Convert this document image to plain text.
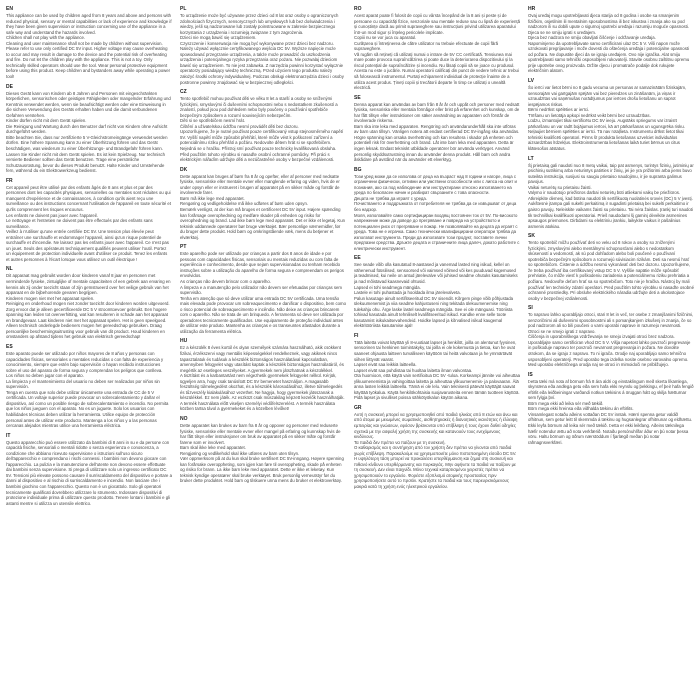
EN

This appliance can be used by children aged from 8 years and above and persons with reduced physical, sensory or mental capabilities or lack of experience and knowledge if they have been given supervision or instruction concerning use of the appliance in a safe way and understand the hazards involved.

Children shall not play with the appliance.

Cleaning and user maintenance shall not be made by children without supervision.

Please refer to use only certified DC 5V input. Higher voltage may cause overheating to occur and may result in damage to the device and the potential risk of overheating and fire. Do not let the children play with the appliance. This is not a toy. Only technically skilled operators should use the tool. Wear personal protective equipment before using this product. Keep children and bystanders away while operating a power tool!

DE

Dieses Gerät kann von Kindern ab 8 Jahren und Personen mit eingeschränkten körperlichen, sensorischen oder geistigen Fähigkeiten oder mangelnder Erfahrung und Kenntnis verwendet werden, wenn sie beaufsichtigt werden oder eine Einweisung in die sichere Verwendung des Geräts erhalten haben und die damit verbundenen Gefahren verstehen.

Kinder dürfen nicht mit dem Gerät spielen.

Die Reinigung und Wartung durch den Benutzer darf nicht von Kindern ohne Aufsicht durchgeführt werden.

Bitte beachten Sie, dass nur zertifizierte 5 V-Gleichstromeingänge verwendet werden dürfen. Eine höhere Spannung kann zu einer Überhitzung führen und das Gerät beschädigen, was wiederum zu einer Überhitzungs- und Brandgefahr führen kann. Lassen Sie Kinder nicht mit dem Gerät spielen. Es ist kein Spielzeug. Nur technisch versierte Bediener sollten das Gerät benutzen. Trage eine persönliche Schutzausrüstung, bevor du dieses Produkt benutzt. Halte Kinder und Umstehende fern, während du ein Elektrowerkzeug bedienst.

FR

Cet appareil peut être utilisé par des enfants âgés de 8 ans et plus et par des personnes dont les capacités physiques, sensorielles ou mentales sont réduites ou qui manquent d'expérience et de connaissances, à condition qu'ils aient reçu une surveillance ou des instructions concernant l'utilisation de l'appareil en toute sécurité et qu'ils comprennent les risques encourus.

Les enfants ne doivent pas jouer avec l'appareil.

Le nettoyage et l'entretien ne doivent pas être effectués par des enfants sans surveillance.

Veillez à n'utiliser qu'une entrée certifiée DC 5V. Une tension plus élevée peut entraîner une surchauffe et endommager l'appareil, ainsi qu'un risque potentiel de surchauffe et d'incendie. Ne laissez pas les enfants jouer avec l'appareil. Ce n'est pas un jouet. Seuls des opérateurs techniquement qualifiés peuvent utiliser l'outil. Portez un équipement de protection individuelle avant d'utiliser ce produit. Tenez les enfants et autres personnes à l'écart lorsque vous utilisez un outil électrique !

NL

Dit apparaat mag gebruikt worden door kinderen vanaf 8 jaar en personen met verminderde fysieke, zintuiglijke of mentale capaciteiten of een gebrek aan ervaring en kennis als zij onder toezicht staan of zijn geïnstrueerd over het veilige gebruik van het apparaat en de bijbehorende gevaren begrijpen.

Kinderen mogen niet met het apparaat spelen.

Reiniging en onderhoud mogen niet zonder toezicht door kinderen worden uitgevoerd.

Zorg ervoor dat je alleen gecertificeerde DC 5 V stroomtoevoer gebruikt. Een hogere spanning kan leiden tot oververhitting, wat kan resulteren in schade aan het apparaat en brandgevaar. Laat kinderen niet met het apparaat spelen. Het is geen speelgoed. Alleen technisch onderlegde bedieners mogen het gereedschap gebruiken. Draag persoonlijke beschermingsuitrusting voor gebruik van dit product. Houd kinderen en omstanders op afstand tijdens het gebruik van elektrisch gereedschap!

ES

Este aparato puede ser utilizado por niños mayores de 8 años y personas con capacidades físicas, sensoriales o mentales reducidas o con falta de experiencia y conocimiento, siempre que estén bajo supervisión o hayan recibido instrucciones sobre el uso del aparato de forma segura y comprendan los peligros que conlleva.

Los niños no deben jugar con el aparato.

La limpieza y el mantenimiento del usuario no deben ser realizados por niños sin supervisión.

Tenga en cuenta que solo debe utilizar únicamente una entrada de CC de 5 V certificada. Un voltaje superior puede provocar un sobrecalentamiento y dañar el dispositivo, así como un posible riesgo de sobrecalentamiento e incendio. No permita que los niños jueguen con el aparato. No es un juguete. Solo los usuarios con habilidades técnicas deben utilizar la herramienta. Utilice equipo de protección personal antes de utilizar este producto. Mantenga a los niños y a las personas cercanas alejados mientras utilice una herramienta eléctrica.

IT

Questo apparecchio può essere utilizzato da bambini di 8 anni in su e da persone con capacità fisiche, sensoriali o mentali ridotte o senza esperienza e conoscenza, a condizione che abbiano ricevuto supervisione o istruzioni sull'uso sicuro dell'apparecchio e comprendano i rischi connessi. I bambini non devono giocare con l'apparecchio. La pulizia e la manutenzione dell'utente non devono essere effettuate dai bambini senza supervisione. Si prega di utilizzare solo un ingresso certificato DC 5V. Tensioni più elevate possono causare il surriscaldamento del dispositivo e portare a danni al dispositivo e al rischio di surriscaldamento e incendio. Non lasciare che i bambini giochino con l'apparecchio. Questo non è un giocattolo. Solo gli operatori tecnicamente qualificati dovrebbero utilizzare lo strumento. Indossare dispositivi di protezione individuale prima di utilizzare questo prodotto. Tenere lontani i bambini e gli astanti mentre si utilizza un utensile elettrico.

PL

To urządzenie może być używane przez dzieci od 8 lat oraz osoby o ograniczonych zdolnościach fizycznych, sensorycznych lub umysłowych lub bez doświadczenia i wiedzy, jeśli są nadzorowane lub zostały poinstruowane w zakresie bezpiecznego korzystania z urządzenia i rozumieją związane z tym zagrożenia.

Dzieci nie mogą bawić się urządzeniem.

Czyszczenie i konserwacja nie mogą być wykonywane przez dzieci bez nadzoru.

Należy używać wyłącznie certyfikowanego wejścia DC 5V. Wyższe napięcie może spowodować przegrzanie urządzenia, a także może prowadzić do uszkodzenia urządzenia i potencjalnego ryzyka przegrzania oraz pożaru. Nie pozwalaj dzieciom bawić się urządzeniem. To nie jest zabawka. Z narzędzia powinni korzystać wyłącznie operatorzy posiadający wiedzę techniczną. Przed użyciem tego produktu należy założyć środki ochrony indywidualnej. Podczas obsługi elektronarzędzia dzieci i osoby postronne powinny znajdować się w bezpiecznej odległości.

CZ

Tento spotřebič mohou používat děti ve věku 8 let a starší a osoby se sníženými fyzickými, smyslovými či duševními schopnostmi nebo s nedostatkem zkušeností a znalostí, pokud jsou pod dohledem nebo byly poučeny o používání spotřebiče bezpečným způsobem a rozumí souvisejícím nebezpečím.

Děti si se spotřebičem nesmí hrát.

Čištění a uživatelskou údržbu nesmí provádět děti bez dozoru.

Upozorňujeme, že je nutné používat pouze certifikovaný vstup stejnosměrného napětí 5V. Vyšší napětí může způsobit přehřátí, které může vést k poškození zařízení a potenciálnímu riziku přehřátí a požáru. Nedovolte dětem hrát si se spotřebičem. Nejedná se o hračku. Přístroj smí používat pouze technicky kvalifikovaná obsluha. Před použitím tohoto výrobku si nasaďte osobní ochranné pomůcky. Při práci s elektrickým nářadím udržujte děti a nezúčastněné osoby v bezpečné vzdálenosti.

DK

Dette apparat kan bruges af børn fra 8 år og opefter, eller af personer med nedsatte fysiske, sensoriske eller mentale evner eller manglende erfaring og viden, hvis de er under opsyn eller er instrueret i brugen af apparatet på en sikker måde og forstår de involverede farer.

Børn må ikke lege med apparatet.

Rengøring og vedligeholdelse må ikke udføres af børn uden opsyn.

Bemærk venligst, at der kun må bruges et certificeret DC 5V input. Højere spænding kan forårsage overophedning og medføre skader på enheden og risiko for overophedning og brand. Lad ikke børn lege med apparatet. Det er ikke et legetøj. Kun teknisk uddannede operatører bør bruge værktøjet. Bær personlige værnemidler, før du bruger dette produkt. Hold børn og omkringstående væk, mens du betjener et elværktøj.

PT

Este aparelho pode ser utilizado por crianças a partir dos 8 anos de idade e por pessoas com capacidades físicas, sensoriais ou mentais reduzidas ou com falta de experiência e conhecimento, desde que sejam supervisionadas ou tenham recebido instruções sobre a utilização do aparelho de forma segura e compreendam os perigos envolvidos.

As crianças não devem brincar com o aparelho.

A limpeza e a manutenção pelo utilizador não devem ser efetuadas por crianças sem supervisão.

Tenha em atenção que só deve utilizar uma entrada DC 5V certificada. Uma tensão mais elevada pode provocar um sobreaquecimento e danificar o dispositivo, bem como o risco potencial de sobreaquecimento e incêndio. Não deixe as crianças brincarem com o aparelho. Não se trata de um brinquedo. A ferramenta só deve ser utilizada por operadores tecnicamente qualificados. Use equipamento de proteção individual antes de utilizar este produto. Mantenha as crianças e os transeuntes afastados durante a utilização da ferramenta elétrica.

HU

Ez a készülék 8 éves kortól és olyan személyek számára használható, akik csökkent fizikai, érzékszervi vagy mentális képességekkel rendelkeznek, vagy akiknek nincs tapasztalatuk és tudásuk a készülék biztonságos használatával kapcsolatban, amennyiben felügyelet vagy utasítást kaptak a készülék biztonságos használatáról, és megértik az esetleges veszélyeket. A gyermekek nem játszhatnak a készülékkel.

A tisztítást és a karbantartást nem végezhetik gyermekek felügyelet nélkül. Kérjük, ügyeljen arra, hogy csak tanúsított DC 5V bemenetet használjon. A magasabb feszültség túlmelegedést okozhat, és a készülék károsodásához, illetve túlmelegedés és tűzveszély kialakulásához vezethet. Ne hagyja, hogy gyermekek játsszanak a készülékkel. Ez nem játék. Az eszközt csak műszakilag képzett kezelők használhatják. A termék használata előtt viseljen személyi védőfelszerelést. A termék használata közben tartsa távol a gyermekeket és a közelben lévőket!

NO

Dette apparatet kan brukes av barn fra 8 år og oppover og personer med reduserte fysiske, sensoriske eller mentale evner eller mangel på erfaring og kunnskap hvis de har fått tilsyn eller instruksjoner om bruk av apparatet på en sikker måte og forstår farene som er involvert.

Barn skal ikke leke med apparatet.

Rengjøring og vedlikehold skal ikke utføres av barn uten tilsyn.

Vær oppmerksom på at du kun skal bruke sertifisert DC 5V-inngang. Høyere spenning kan forårsake overoppheting, som igjen kan føre til overoppheting, skade på enheten og risiko for brann. La ikke barn leke med apparatet. Dette er ikke et leketøy. Kun teknisk kyndige operatører skal bruke verktøyet. Bruk personlig verneutstyr før du bruker dette produktet. Hold barn og tilskuere unna mens du bruker et elektroverktøy.

RO

Acest aparat poate fi folosit de copii cu vârsta începând de la 8 ani și peste și de persoane cu capacități fizice, senzoriale sau mentale reduse sau cu lipsă de experiență și cunoștințe dacă au primit supraveghere sau instrucțiuni privind utilizarea aparatului într-un mod sigur și înțeleg pericolele implicate.

Copiii nu se vor juca cu aparatul.

Curățarea și întreținerea de către utilizator nu trebuie efectuate de copii fără supraveghere.

Vă rugăm să rețineți că utilizați numai o intrare de 5V CC certificată. Tensiunea mai mare poate provoca supraîncălzirea și poate duce la deteriorarea dispozitivului și la riscul potențial de supraîncălzire și incendiu. Nu lăsați copiii să se joace cu produsul. Acesta nu este o jucărie. Numai operatorii calificați din punct de vedere tehnic ar trebui să folosească instrumentul. Purtați echipament individual de protecție înainte de a utiliza acest produs. Țineți copiii și trecătorii departe în timp ce utilizați o unealtă electrică.

SE

Denna apparat kan användas av barn från 8 år år och uppåt och personer med nedsatt fysiska, sensoriska eller mentala förmågor eller brist på erfarenhet och kunskap, om de har fått tillsyn eller instruktioner om säker användning av apparaten och förstår de involverade riskerna.

Barn ska inte leka med apparaten. Rengöring och användarunderhåll ska inte utföras av barn utan tillsyn. Vänligen notera att endast certifierad DC 5V-ingång ska användas. Högre spänning kan orsaka överhettning och kan resultera i skador på enheten och potentiell risk för överhettning och brand. Låt inte barn leka med apparaten. Detta är ingen leksak. Endast tekniskt utbildade operatörer bör använda verktyget. Använd personlig skyddsutrustning innan du använder denna produkt. Håll barn och andra åskådare på avstånd när du använder ett elverktyg.

BG

Този уред може да се използва от деца на възраст над 8 години и нагоре, лица с ограничени физически, сетивни или умствени способности или с липса на опит и познания, ако са под наблюдение или инструктирани относно използването на уреда по безопасен начин и разбират свързаните с това опасности.

Децата не трябва да играят с уреда.

Почистването и поддръжката от потребителя не трябва да се извършват от деца без надзор.

Моля, използвайте само сертифициран входящ постоянен ток от 5V. По-високото напрежение може да доведе до прегряване и повреда на устройството и потенциален риск от прегряване и пожар. Не позволявайте на децата да играят с уреда. Това не е играчка. Само технически квалифицирани оператори трябва да използват инструмента. Преди да използвате този продукт, поставете лични предпазни средства. Дръжте децата и страничните лица далеч, докато работите с електрически инструмент.

EE

See seade võib olla kasutatud 8-aastased ja vanemad lasted ning isikud, kellel on vähenenud füüsilised, sensoorsed või vaimsed võimed või kes puuduvad kogemused ja teadmised, kui neile on antud järelevalve või juhised seadme ohutuks kasutamiseks ja nad mõistavad kaasnevaid ohtusid.

Lapsed ei tohi seadmega mängida.

Lastele ei tohi puhastada ja hooldada ilma järelevalveta.

Palun kasutage ainult sertifitseeritud DC 5V sisendit. Kõrgem pinge võib põhjustada ülekuumenemist ja viia seadme kahjustuseni ning tekitada ülekuumenemise ning tulekahju ohu. Ärge laske lastel seadmega mängida. See ei ole mänguasi. Tööriista tohivad kasutada ainult tehniliselt kvalifitseeritud isikud. Kandke enne selle toote kasutamist isikukaitsevahendeid. Hoidke lapsed ja kõrvalised isikud kaugemal elektritööriista kasutamise ajal!

FI

Tätä laitetta voivat käyttää yli 8-vuotiaat lapset ja henkilöt, joilla on alentunut fyysinen, sensorinen tai henkinen toimintakyky, tai joilla ei ole kokemusta ja tietoa, kun he ovat saaneet ohjausta laitteen turvalliseen käyttöön tai heitä valvotaan ja he ymmärtävät siihen liittyvät vaarat.

Lapset eivät saa leikkiä laitteella.

Lapset eivät saa puhdistaa tai huoltaa laitetta ilman valvontaa.

Ota huomioon, että käytä vain sertifioitua DC 5V -tuloa. Korkeampi jännite voi aiheuttaa ylikuumenemista ja vahingoittaa laitetta ja aiheuttaa ylikuumenemis- ja palovaaran. Älä anna lasten leikkiä laitteella. Tämä ei ole lelu. Vain teknisesti pätevät käyttäjät saavat käyttää työkalua. Käytä henkilökohtaisia suojavarusteita ennen tämän tuotteen käyttöä. Pidä lapset ja sivulliset poissa sähkötyökalun käytön aikana.

GR

Αυτή η συσκευή μπορεί να χρησιμοποιηθεί από παιδιά ηλικίας από 8 ετών και άνω και από άτομα με μειωμένες σωματικές, αισθητηριακές ή διανοητικές ικανότητες ή έλλειψη εμπειρίας και γνώσεων, εφόσον βρίσκονται υπό επίβλεψη ή τους έχουν δοθεί οδηγίες σχετικά με την ασφαλή χρήση της συσκευής και κατανοούν τους ενεχόμενους κινδύνους.

Τα παιδιά δεν πρέπει να παίζουν με τη συσκευή.

Ο καθαρισμός και η συντήρηση από τον χρήστη δεν πρέπει να γίνονται από παιδιά χωρίς επίβλεψη. Παρακαλούμε να χρησιμοποιείτε μόνο πιστοποιημένη είσοδο DC 5V. Η υψηλότερη τάση μπορεί να προκαλέσει υπερθέρμανση και ζημιά στη συσκευή και πιθανό κίνδυνο υπερθέρμανσης και πυρκαγιάς. Μην αφήνετε τα παιδιά να παίζουν με τη συσκευή. Δεν είναι παιχνίδι. Μόνο τεχνικά καταρτισμένοι χειριστές πρέπει να χρησιμοποιούν το εργαλείο. Φορέστε εξοπλισμό ατομικής προστασίας πριν χρησιμοποιήσετε αυτό το προϊόν. Κρατήστε τα παιδιά και τους παρευρισκόμενους μακριά κατά τη χρήση ενός ηλεκτρικού εργαλείου.

HR

Ovaj uređaj mogu upotrebljavati djeca starija od 8 godina i osobe sa smanjenim fizičkim, osjetilnim ili mentalnim sposobnostima ili bez iskustva i znanja ako su pod nadzorom ili su dobili upute o sigurnoj upotrebi uređaja i razumiju moguće opasnosti.

Djeca se ne smiju igrati s uređajem.

Djeca bez nadzora ne smiju obavljati čišćenje i održavanje uređaja.

Napominjemo da upotrebljavate samo certificirani ulaz DC 5 V. Viši napon može uzrokovati pregrijavanje i može dovesti do oštećenja uređaja i potencijalne opasnosti od požara. Ne dopustite djeci da se igraju uređajem. Ovo nije igračka. Alat smiju upotrebljavati samo tehnički osposobljeni rukovatelji. Stavite osobnu zaštitnu opremu prije upotrebe ovog proizvoda. Držite djecu i promatrače podalje dok rukujete električnim alatom.

LV

Šo ierīci var lietot bērni no 8 gadu vecuma un personas ar samazinātām fiziskajām, sensorajām vai garīgajām spējām vai bez pieredzes un zināšanām, ja viņas ir uzraudzītas vai saņēmušas norādījumus par ierīces drošu lietošanu un saprot iespējamos riskus.

Bērni nedrīkst spēlēties ar ierīci.

Tīrīšanu un lietotāja apkopi nedrīkst veikt bērni bez uzraudzības.

Lūdzu, izmantojiet tikai sertificētu DC 5V ieeju. Augstāks spriegums var izraisīt pārkaršanu un var radīt bojājumus ierīcei, kā arī pārkaršanas un ugunsgrēka risku. Neļaujiet bērniem spēlēties ar ierīci. Tā nav rotaļlieta. Instrumentu drīkst lietot tikai tehniski kvalificēti operatori. Pirms šī produkta lietošanas uzvelciet individuālos aizsardzības līdzekļus. Elektroinstrumenta lietošanas laikā turiet bērnus un citus klātesošos atstatus.

LT

Šį prietaisą gali naudoti nuo 8 metų vaikai, taip pat asmenys, turintys fizinių, jutiminių ar psichinių sutrikimų arba neturintys patirties ir žinių, jei jie yra prižiūrimi arba jiems buvo suteikta instrukcija, susijusi su saugiu prietaiso naudojimu, ir jie supranta galimus pavojus.

Vaikai neturėtų su prietaisu žaisti.

Valymo ir naudotojo priežiūros darbai neturėtų būti atliekami vaikų be priežiūros.

Atkreipkite dėmesį, kad būtina naudoti tik sertifikuotą nuolatinės srovės (DC) 5 V įvestį. Aukštesnė įtampa gali sukelti perkaitimą ir sugadinti prietaisą bei sukelti perkaitimo ir gaisro pavojų. Neleiskite vaikams žaisti su prietaisu. Tai nėra žaislas. Įrankį turi naudoti tik techniškai kvalifikuoti operatoriai. Prieš naudodami šį gaminį dėvėkite asmenines apsaugos priemones. Dirbdami su elektriniu įrankiu, laikykite vaikus ir pašalinius asmenis atokiau.

SK

Tento spotrebič môžu používať deti vo veku od 8 rokov a osoby so zníženými fyzickými, zmyslovými alebo mentálnymi schopnosťami alebo s nedostatkom skúseností a vedomostí, ak sú pod dohľadom alebo boli poučené o používaní spotrebiča bezpečným spôsobom a rozumejú súvisiacim rizikám. Deti sa nesmú hrať so spotrebičom. Čistenie a údržbu nesmú vykonávať deti bez dozoru. Upozorňujeme, že treba používať iba certifikovaný vstup DC 5 V. Vyššie napätie môže spôsobiť prehriatie, čo môže viesť k poškodeniu zariadenia a potenciálnemu riziku prehriatia a požiaru. Nedovoľte deťom hrať sa so spotrebičom. Toto nie je hračka. Nástroj by mali používať len technicky zdatní operátori. Pred použitím tohto výrobku si nasaďte osobné ochranné prostriedky. Pri obsluhe elektrického náradia udržujte deti a okolostojace osoby v bezpečnej vzdialenosti.

SI

To napravo lahko uporabljajo otroci, stari 8 let in več, ter osebe z zmanjšanimi fizičnimi, senzoričnimi ali duševnimi sposobnostmi ali s pomanjkanjem izkušenj in znanja, če so pod nadzorom ali so bili poučeni o varni uporabi naprave in razumejo nevarnosti.

Otroci se ne smejo igrati z napravo.

Čiščenja in uporabniškega vzdrževanja ne smejo izvajati otroci brez nadzora.

Uporabljajte samo certificiran vhod DC 5 V. Višja napetost lahko povzroči pregrevanje in poškoduje napravo ter povzroči nevarnost pregrevanja in požara. Ne dovolite otrokom, da se igrajo z napravo. To ni igrača. Orodje naj uporabljajo samo tehnično usposobljeni operaterji. Pred uporabo tega izdelka nosite osebno varovalno opremo. Med uporabo električnega orodja naj se otroci in mimoidoči ne približujejo.

IS

Þetta tæki má nota af börnum frá 8 ára aldri og einstaklingum með skerta líkamlega, skynræna eða andlega getu eða sem hafa ekki reynslu og þekkingu, ef þeir hafa fengið eftirlit eða leiðbeiningar varðandi notkun tækisins á öruggan hátt og skilja hætturnar sem fylgja því.

Börn mega ekki að leika sér með tækið.

Börn mega ekki hreinsa eða viðhalda tækinu án eftirlits.

Vinsamlegast notaðu aðeins vottaðan DC 5V inntak. Hærri spenna getur valdið ofhitnun, sem getur leitt til skemmda á tækinu og hugsanlegrar ofhitnunar og eldhættu. Ekki leyfa börnum að leika sér með tækið. Þetta er ekki leikfang. Aðeins tæknilega hæfir notendur ættu að nota verkfærið. Notaðu persónuhlífar áður en þú notar þessa vöru. Haltu börnum og öðrum nærstöddum í fjarlægð meðan þú notar rafmagnsverkfæri.
